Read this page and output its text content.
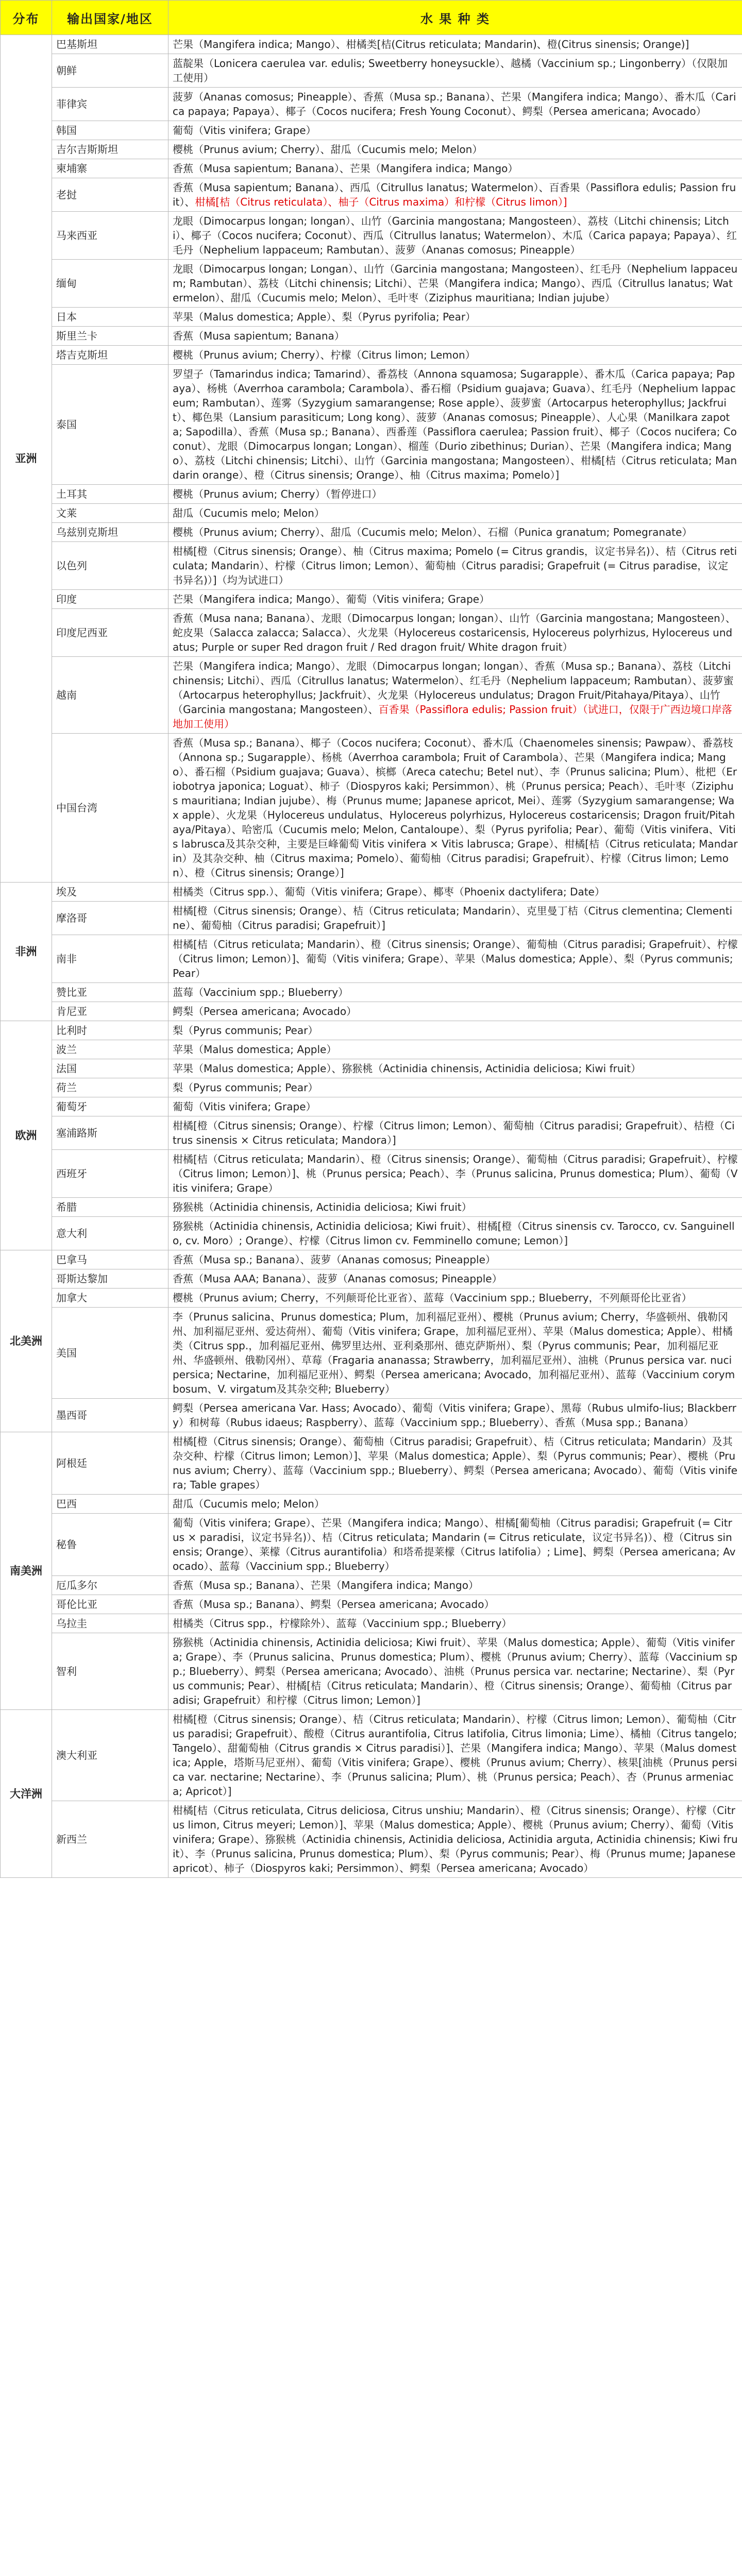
分布	输出国家/地区	水 果 种 类
亚洲	巴基斯坦	芒果（Mangifera indica; Mango）、柑橘类[桔(Citrus reticulata; Mandarin)、橙(Citrus sinensis; Orange)]
	朝鲜	蓝靛果（Lonicera caerulea var. edulis; Sweetberry honeysuckle）、越橘（Vaccinium sp.; Lingonberry）（仅限加工使用）
	菲律宾	菠萝（Ananas comosus; Pineapple）、香蕉（Musa sp.; Banana）、芒果（Mangifera indica; Mango）、番木瓜（Carica papaya; Papaya）、椰子（Cocos nucifera; Fresh Young Coconut）、鳄梨（Persea americana; Avocado）
	韩国	葡萄（Vitis vinifera; Grape）
	吉尔吉斯斯坦	樱桃（Prunus avium; Cherry）、甜瓜（Cucumis melo; Melon）
	柬埔寨	香蕉（Musa sapientum; Banana）、芒果（Mangifera indica; Mango）
	老挝	香蕉（Musa sapientum; Banana）、西瓜（Citrullus lanatus; Watermelon）、百香果（Passiflora edulis; Passion fruit）、柑橘[桔（Citrus reticulata）、柚子（Citrus maxima）和柠檬（Citrus limon）]
	马来西亚	龙眼（Dimocarpus longan; longan）、山竹（Garcinia mangostana; Mangosteen）、荔枝（Litchi chinensis; Litchi）、椰子（Cocos nucifera; Coconut）、西瓜（Citrullus lanatus; Watermelon）、木瓜（Carica papaya; Papaya）、红毛丹（Nephelium lappaceum; Rambutan）、菠萝（Ananas comosus; Pineapple）
	缅甸	龙眼（Dimocarpus longan; Longan）、山竹（Garcinia mangostana; Mangosteen）、红毛丹（Nephelium lappaceum; Rambutan）、荔枝（Litchi chinensis; Litchi）、芒果（Mangifera indica; Mango）、西瓜（Citrullus lanatus; Watermelon）、甜瓜（Cucumis melo; Melon）、毛叶枣（Ziziphus mauritiana; Indian jujube）
	日本	苹果（Malus domestica; Apple）、梨（Pyrus pyrifolia; Pear）
	斯里兰卡	香蕉（Musa sapientum; Banana）
	塔吉克斯坦	樱桃（Prunus avium; Cherry）、柠檬（Citrus limon; Lemon）
	泰国	罗望子（Tamarindus indica; Tamarind）、番荔枝（Annona squamosa; Sugarapple）、番木瓜（Carica papaya; Papaya）、杨桃（Averrhoa carambola; Carambola）、番石榴（Psidium guajava; Guava）、红毛丹（Nephelium lappaceum; Rambutan）、莲雾（Syzygium samarangense; Rose apple）、菠萝蜜（Artocarpus heterophyllus; Jackfruit）、椰色果（Lansium parasiticum; Long kong）、菠萝（Ananas comosus; Pineapple）、人心果（Manilkara zapota; Sapodilla）、香蕉（Musa sp.; Banana）、西番莲（Passiflora caerulea; Passion fruit）、椰子（Cocos nucifera; Coconut）、龙眼（Dimocarpus longan; Longan）、榴莲（Durio zibethinus; Durian）、芒果（Mangifera indica; Mango）、荔枝（Litchi chinensis; Litchi）、山竹（Garcinia mangostana; Mangosteen）、柑橘[桔（Citrus reticulata; Mandarin orange）、橙（Citrus sinensis; Orange）、柚（Citrus maxima; Pomelo）]
	土耳其	樱桃（Prunus avium; Cherry）（暂停进口）
	文莱	甜瓜（Cucumis melo; Melon）
	乌兹别克斯坦	樱桃（Prunus avium; Cherry）、甜瓜（Cucumis melo; Melon）、石榴（Punica granatum; Pomegranate）
	以色列	柑橘[橙（Citrus sinensis; Orange）、柚（Citrus maxima; Pomelo (= Citrus grandis，议定书异名)）、桔（Citrus reticulata; Mandarin）、柠檬（Citrus limon; Lemon）、葡萄柚（Citrus paradisi; Grapefruit (= Citrus paradise，议定书异名)）]（均为试进口）
	印度	芒果（Mangifera indica; Mango）、葡萄（Vitis vinifera; Grape）
	印度尼西亚	香蕉（Musa nana; Banana）、龙眼（Dimocarpus longan; longan）、山竹（Garcinia mangostana; Mangosteen）、蛇皮果（Salacca zalacca; Salacca）、火龙果（Hylocereus costaricensis, Hylocereus polyrhizus, Hylocereus undatus; Purple or super Red dragon fruit / Red dragon fruit/ White dragon fruit）
	越南	芒果（Mangifera indica; Mango）、龙眼（Dimocarpus longan; longan）、香蕉（Musa sp.; Banana）、荔枝（Litchi chinensis; Litchi）、西瓜（Citrullus lanatus; Watermelon）、红毛丹（Nephelium lappaceum; Rambutan）、菠萝蜜（Artocarpus heterophyllus; Jackfruit）、火龙果（Hylocereus undulatus; Dragon Fruit/Pitahaya/Pitaya）、山竹（Garcinia mangostana; Mangosteen）、百香果（Passiflora edulis; Passion fruit）（试进口，仅限于广西边境口岸落地加工使用）
	中国台湾	香蕉（Musa sp.; Banana）、椰子（Cocos nucifera; Coconut）、番木瓜（Chaenomeles sinensis; Pawpaw）、番荔枝（Annona sp.; Sugarapple）、杨桃（Averrhoa carambola; Fruit of Carambola）、芒果（Mangifera indica; Mango）、番石榴（Psidium guajava; Guava）、槟榔（Areca catechu; Betel nut）、李（Prunus salicina; Plum）、枇杷（Eriobotrya japonica; Loguat）、柿子（Diospyros kaki; Persimmon）、桃（Prunus persica; Peach）、毛叶枣（Ziziphus mauritiana; Indian jujube）、梅（Prunus mume; Japanese apricot, Mei）、莲雾（Syzygium samarangense; Wax apple）、火龙果（Hylocereus undulatus、Hylocereus polyrhizus, Hylocereus costaricensis; Dragon fruit/Pitahaya/Pitaya）、哈密瓜（Cucumis melo; Melon, Cantaloupe）、梨（Pyrus pyrifolia; Pear）、葡萄（Vitis vinifera、Vitis labrusca及其杂交种，主要是巨峰葡萄 Vitis vinifera × Vitis labrusca; Grape）、柑橘[桔（Citrus reticulata; Mandarin）及其杂交种、柚（Citrus maxima; Pomelo）、葡萄柚（Citrus paradisi; Grapefruit）、柠檬（Citrus limon; Lemon）、橙（Citrus sinensis; Orange）]
非洲	埃及	柑橘类（Citrus spp.）、葡萄（Vitis vinifera; Grape）、椰枣（Phoenix dactylifera; Date）
	摩洛哥	柑橘[橙（Citrus sinensis; Orange）、桔（Citrus reticulata; Mandarin）、克里曼丁桔（Citrus clementina; Clementine）、葡萄柚（Citrus paradisi; Grapefruit）]
	南非	柑橘[桔（Citrus reticulata; Mandarin）、橙（Citrus sinensis; Orange）、葡萄柚（Citrus paradisi; Grapefruit）、柠檬（Citrus limon; Lemon）]、葡萄（Vitis vinifera; Grape）、苹果（Malus domestica; Apple）、梨（Pyrus communis; Pear）
	赞比亚	蓝莓（Vaccinium spp.; Blueberry）
	肯尼亚	鳄梨（Persea americana; Avocado）
欧洲	比利时	梨（Pyrus communis; Pear）
	波兰	苹果（Malus domestica; Apple）
	法国	苹果（Malus domestica; Apple）、猕猴桃（Actinidia chinensis, Actinidia deliciosa; Kiwi fruit）
	荷兰	梨（Pyrus communis; Pear）
	葡萄牙	葡萄（Vitis vinifera; Grape）
	塞浦路斯	柑橘[橙（Citrus sinensis; Orange）、柠檬（Citrus limon; Lemon）、葡萄柚（Citrus paradisi; Grapefruit）、桔橙（Citrus sinensis × Citrus reticulata; Mandora）]
	西班牙	柑橘[桔（Citrus reticulata; Mandarin）、橙（Citrus sinensis; Orange）、葡萄柚（Citrus paradisi; Grapefruit）、柠檬（Citrus limon; Lemon）]、桃（Prunus persica; Peach）、李（Prunus salicina, Prunus domestica; Plum）、葡萄（Vitis vinifera; Grape）
	希腊	猕猴桃（Actinidia chinensis, Actinidia deliciosa; Kiwi fruit）
	意大利	猕猴桃（Actinidia chinensis, Actinidia deliciosa; Kiwi fruit）、柑橘[橙（Citrus sinensis cv. Tarocco, cv. Sanguinello, cv. Moro）; Orange）、柠檬（Citrus limon cv. Femminello comune; Lemon）]
北美洲	巴拿马	香蕉（Musa sp.; Banana）、菠萝（Ananas comosus; Pineapple）
	哥斯达黎加	香蕉（Musa AAA; Banana）、菠萝（Ananas comosus; Pineapple）
	加拿大	樱桃（Prunus avium; Cherry，不列颠哥伦比亚省）、蓝莓（Vaccinium spp.; Blueberry，不列颠哥伦比亚省）
	美国	李（Prunus salicina、Prunus domestica; Plum，加利福尼亚州）、樱桃（Prunus avium; Cherry，华盛顿州、俄勒冈州、加利福尼亚州、爱达荷州）、葡萄（Vitis vinifera; Grape，加利福尼亚州）、苹果（Malus domestica; Apple）、柑橘类（Citrus spp.，加利福尼亚州、佛罗里达州、亚利桑那州、德克萨斯州）、梨（Pyrus communis; Pear，加利福尼亚州、华盛顿州、俄勒冈州）、草莓（Fragaria ananassa; Strawberry，加利福尼亚州）、油桃（Prunus persica var. nucipersica; Nectarine，加利福尼亚州）、鳄梨（Persea americana; Avocado，加利福尼亚州）、蓝莓（Vaccinium corymbosum、V. virgatum及其杂交种; Blueberry）
	墨西哥	鳄梨（Persea americana Var. Hass; Avocado）、葡萄（Vitis vinifera; Grape）、黑莓（Rubus ulmifo-lius; Blackberry）和树莓（Rubus idaeus; Raspberry）、蓝莓（Vaccinium spp.; Blueberry）、香蕉（Musa spp.; Banana）
南美洲	阿根廷	柑橘[橙（Citrus sinensis; Orange）、葡萄柚（Citrus paradisi; Grapefruit）、桔（Citrus reticulata; Mandarin）及其杂交种、柠檬（Citrus limon; Lemon）]、苹果（Malus domestica; Apple）、梨（Pyrus communis; Pear）、樱桃（Prunus avium; Cherry）、蓝莓（Vaccinium spp.; Blueberry）、鳄梨（Persea americana; Avocado）、葡萄（Vitis vinifera; Table grapes）
	巴西	甜瓜（Cucumis melo; Melon）
	秘鲁	葡萄（Vitis vinifera; Grape）、芒果（Mangifera indica; Mango）、柑橘[葡萄柚（Citrus paradisi; Grapefruit (= Citrus × paradisi，议定书异名)）、桔（Citrus reticulata; Mandarin (= Citrus reticulate，议定书异名)）、橙（Citrus sinensis; Orange）、莱檬（Citrus aurantifolia）和塔希提莱檬（Citrus latifolia）; Lime]、鳄梨（Persea americana; Avocado）、蓝莓（Vaccinium spp.; Blueberry）
	厄瓜多尔	香蕉（Musa sp.; Banana）、芒果（Mangifera indica; Mango）
	哥伦比亚	香蕉（Musa sp.; Banana）、鳄梨（Persea americana; Avocado）
	乌拉圭	柑橘类（Citrus spp.，柠檬除外）、蓝莓（Vaccinium spp.; Blueberry）
	智利	猕猴桃（Actinidia chinensis, Actinidia deliciosa; Kiwi fruit）、苹果（Malus domestica; Apple）、葡萄（Vitis vinifera; Grape）、李（Prunus salicina、Prunus domestica; Plum）、樱桃（Prunus avium; Cherry）、蓝莓（Vaccinium spp.; Blueberry）、鳄梨（Persea americana; Avocado）、油桃（Prunus persica var. nectarine; Nectarine）、梨（Pyrus communis; Pear）、柑橘[桔（Citrus reticulata; Mandarin）、橙（Citrus sinensis; Orange）、葡萄柚（Citrus paradisi; Grapefruit）和柠檬（Citrus limon; Lemon）]
大洋洲	澳大利亚	柑橘[橙（Citrus sinensis; Orange）、桔（Citrus reticulata; Mandarin）、柠檬（Citrus limon; Lemon）、葡萄柚（Citrus paradisi; Grapefruit）、酸橙（Citrus aurantifolia, Citrus latifolia, Citrus limonia; Lime）、橘柚（Citrus tangelo; Tangelo）、甜葡萄柚（Citrus grandis × Citrus paradisi）]、芒果（Mangifera indica; Mango）、苹果（Malus domestica; Apple，塔斯马尼亚州）、葡萄（Vitis vinifera; Grape）、樱桃（Prunus avium; Cherry）、核果[油桃（Prunus persica var. nectarine; Nectarine）、李（Prunus salicina; Plum）、桃（Prunus persica; Peach）、杏（Prunus armeniaca; Apricot）]
	新西兰	柑橘[桔（Citrus reticulata, Citrus deliciosa, Citrus unshiu; Mandarin）、橙（Citrus sinensis; Orange）、柠檬（Citrus limon, Citrus meyeri; Lemon）]、苹果（Malus domestica; Apple）、樱桃（Prunus avium; Cherry）、葡萄（Vitis vinifera; Grape）、猕猴桃（Actinidia chinensis, Actinidia deliciosa, Actinidia arguta, Actinidia chinensis; Kiwi fruit）、李（Prunus salicina, Prunus domestica; Plum）、梨（Pyrus communis; Pear）、梅（Prunus mume; Japanese apricot）、柿子（Diospyros kaki; Persimmon）、鳄梨（Persea americana; Avocado）
